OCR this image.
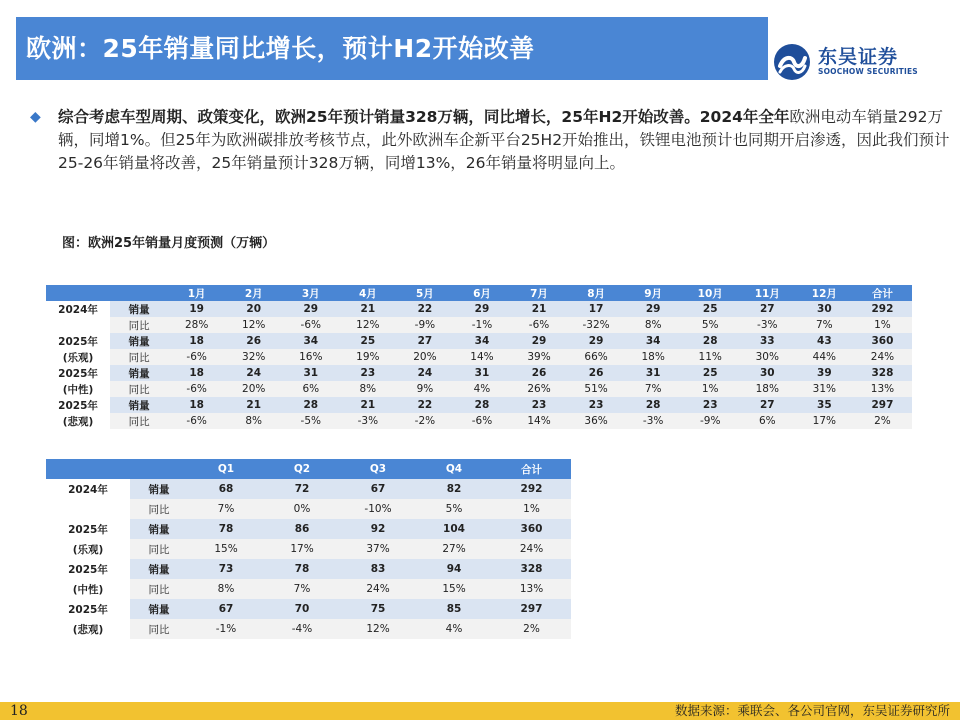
欧洲：25年销量同比增长，预计H2开始改善	东吴证券
SOOCHOW SECURITIES
◆ 综合考虑车型周期、政策变化，欧洲25年预计销量328万辆，同比增长，25年H2开始改善。2024年全年欧洲电动车销量292万辆，同增1%。但25年为欧洲碳排放考核节点，此外欧洲车企新平台25H2开始推出，铁锂电池预计也同期开启渗透，因此我们预计25-26年销量将改善，25年销量预计328万辆，同增13%，26年销量将明显向上。

图：欧洲25年销量月度预测（万辆）
		1月	2月	3月	4月	5月	6月	7月	8月	9月	10月	11月	12月	合计
2024年	销量	19	20	29	21	22	29	21	17	29	25	27	30	292
	同比	28%	12%	-6%	12%	-9%	-1%	-6%	-32%	8%	5%	-3%	7%	1%
2025年	销量	18	26	34	25	27	34	29	29	34	28	33	43	360
(乐观)	同比	-6%	32%	16%	19%	20%	14%	39%	66%	18%	11%	30%	44%	24%
2025年	销量	18	24	31	23	24	31	26	26	31	25	30	39	328
(中性)	同比	-6%	20%	6%	8%	9%	4%	26%	51%	7%	1%	18%	31%	13%
2025年	销量	18	21	28	21	22	28	23	23	28	23	27	35	297
(悲观)	同比	-6%	8%	-5%	-3%	-2%	-6%	14%	36%	-3%	-9%	6%	17%	2%
		Q1	Q2	Q3	Q4	合计
2024年	销量	68	72	67	82	292
	同比	7%	0%	-10%	5%	1%
2025年	销量	78	86	92	104	360
(乐观)	同比	15%	17%	37%	27%	24%
2025年	销量	73	78	83	94	328
(中性)	同比	8%	7%	24%	15%	13%
2025年	销量	67	70	75	85	297
(悲观)	同比	-1%	-4%	12%	4%	2%
18	数据来源：乘联会、各公司官网，东吴证券研究所
